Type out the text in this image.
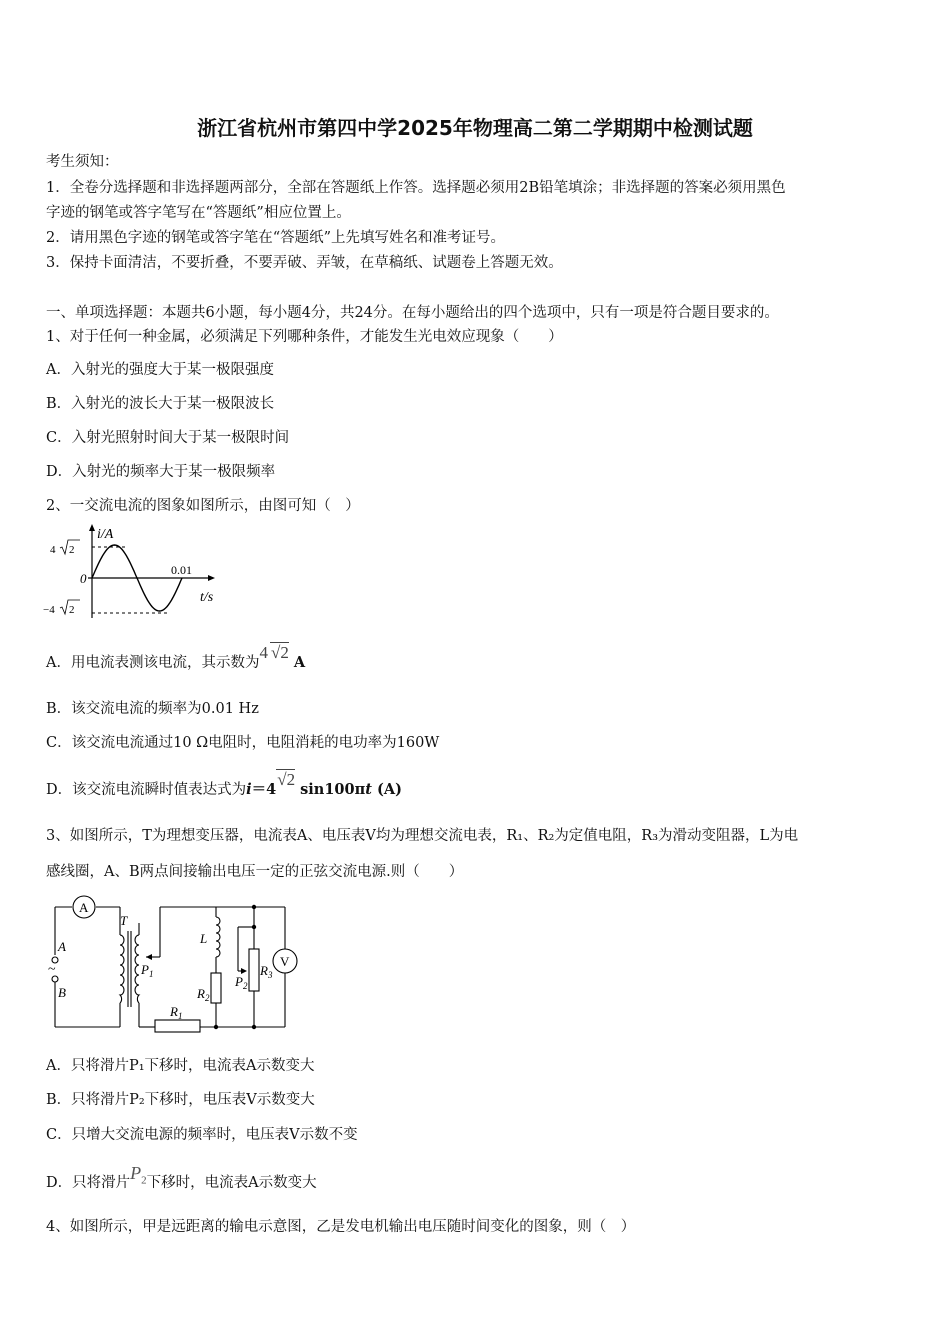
浙江省杭州市第四中学2025年物理高二第二学期期中检测试题
考生须知：
1．全卷分选择题和非选择题两部分，全部在答题纸上作答。选择题必须用2B铅笔填涂；非选择题的答案必须用黑色
字迹的钢笔或答字笔写在“答题纸”相应位置上。
2．请用黑色字迹的钢笔或答字笔在“答题纸”上先填写姓名和准考证号。
3．保持卡面清洁，不要折叠，不要弄破、弄皱，在草稿纸、试题卷上答题无效。
一、单项选择题：本题共6小题，每小题4分，共24分。在每小题给出的四个选项中，只有一项是符合题目要求的。
1、对于任何一种金属，必须满足下列哪种条件，才能发生光电效应现象（　　）
A．入射光的强度大于某一极限强度
B．入射光的波长大于某一极限波长
C．入射光照射时间大于某一极限时间
D．入射光的频率大于某一极限频率
2、一交流电流的图象如图所示，由图可知（　）
i/A
t/s
0.01
0
4 2
−4 2
A．用电流表测该电流，其示数为4 √2 A
B．该交流电流的频率为0.01 Hz
C．该交流电流通过10 Ω电阻时，电阻消耗的电功率为160W
D．该交流电流瞬时值表达式为i＝4√2 sin100πt (A)
3、如图所示，T为理想变压器，电流表A、电压表V均为理想交流电表，R₁、R₂为定值电阻，R₃为滑动变阻器，L为电
感线圈，A、B两点间接输出电压一定的正弦交流电源.则（　　）
A
V
T
L
A
~
B
$P_1$	$P_2$
$R_1$
$R_2$
$R_3$
A．只将滑片P₁下移时，电流表A示数变大
B．只将滑片P₂下移时，电压表V示数变大
C．只增大交流电源的频率时，电压表V示数不变
D．只将滑片$P_2$下移时，电流表A示数变大
4、如图所示，甲是远距离的输电示意图，乙是发电机输出电压随时间变化的图象，则（　）
